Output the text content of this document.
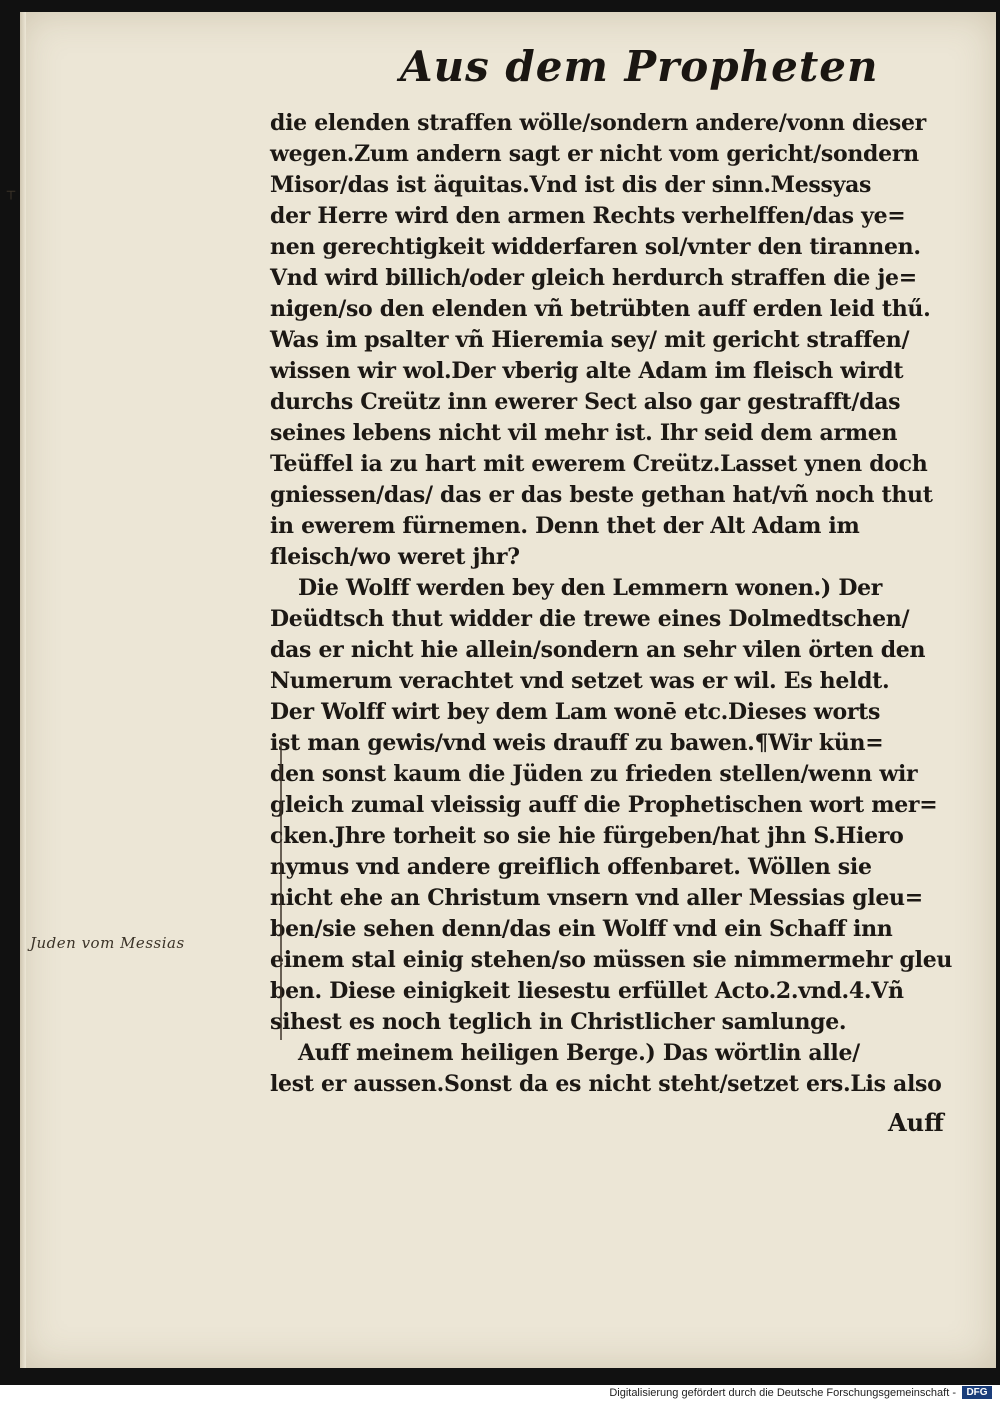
Aus dem Propheten
die elenden straffen wölle/sondern andere/vonn dieser
wegen.Zum andern sagt er nicht vom gericht/sondern
Misor/das ist äquitas.Vnd ist dis der sinn.Messyas
der Herre wird den armen Rechts verhelffen/das ye=
nen gerechtigkeit widderfaren sol/vnter den tirannen.
Vnd wird billich/oder gleich herdurch straffen die je=
nigen/so den elenden vñ betrübten auff erden leid thű.
Was im psalter vñ Hieremia sey/ mit gericht straffen/
wissen wir wol.Der vberig alte Adam im fleisch wirdt
durchs Creütz inn ewerer Sect also gar gestrafft/das
seines lebens nicht vil mehr ist. Ihr seid dem armen
Teüffel ia zu hart mit ewerem Creütz.Lasset ynen doch
gniessen/das/ das er das beste gethan hat/vñ noch thut
in ewerem fürnemen. Denn thet der Alt Adam im
fleisch/wo weret jhr?
Die Wolff werden bey den Lemmern wonen.) Der
Deüdtsch thut widder die trewe eines Dolmedtschen/
das er nicht hie allein/sondern an sehr vilen örten den
Numerum verachtet vnd setzet was er wil. Es heldt.
Der Wolff wirt bey dem Lam wonē etc.Dieses worts
ist man gewis/vnd weis drauff zu bawen.¶Wir kün=
den sonst kaum die Jüden zu frieden stellen/wenn wir
gleich zumal vleissig auff die Prophetischen wort mer=
cken.Jhre torheit so sie hie fürgeben/hat jhn S.Hiero
nymus vnd andere greiflich offenbaret. Wöllen sie
nicht ehe an Christum vnsern vnd aller Messias gleu=
ben/sie sehen denn/das ein Wolff vnd ein Schaff inn
einem stal einig stehen/so müssen sie nimmermehr gleu
ben. Diese einigkeit liesestu erfüllet Acto.2.vnd.4.Vñ
sihest es noch teglich in Christlicher samlunge.
Auff meinem heiligen Berge.) Das wörtlin alle/
lest er aussen.Sonst da es nicht steht/setzet ers.Lis also
⸆
Juden vom Messias
Auff
Digitalisierung gefördert durch die Deutsche Forschungsgemeinschaft -	DFG
